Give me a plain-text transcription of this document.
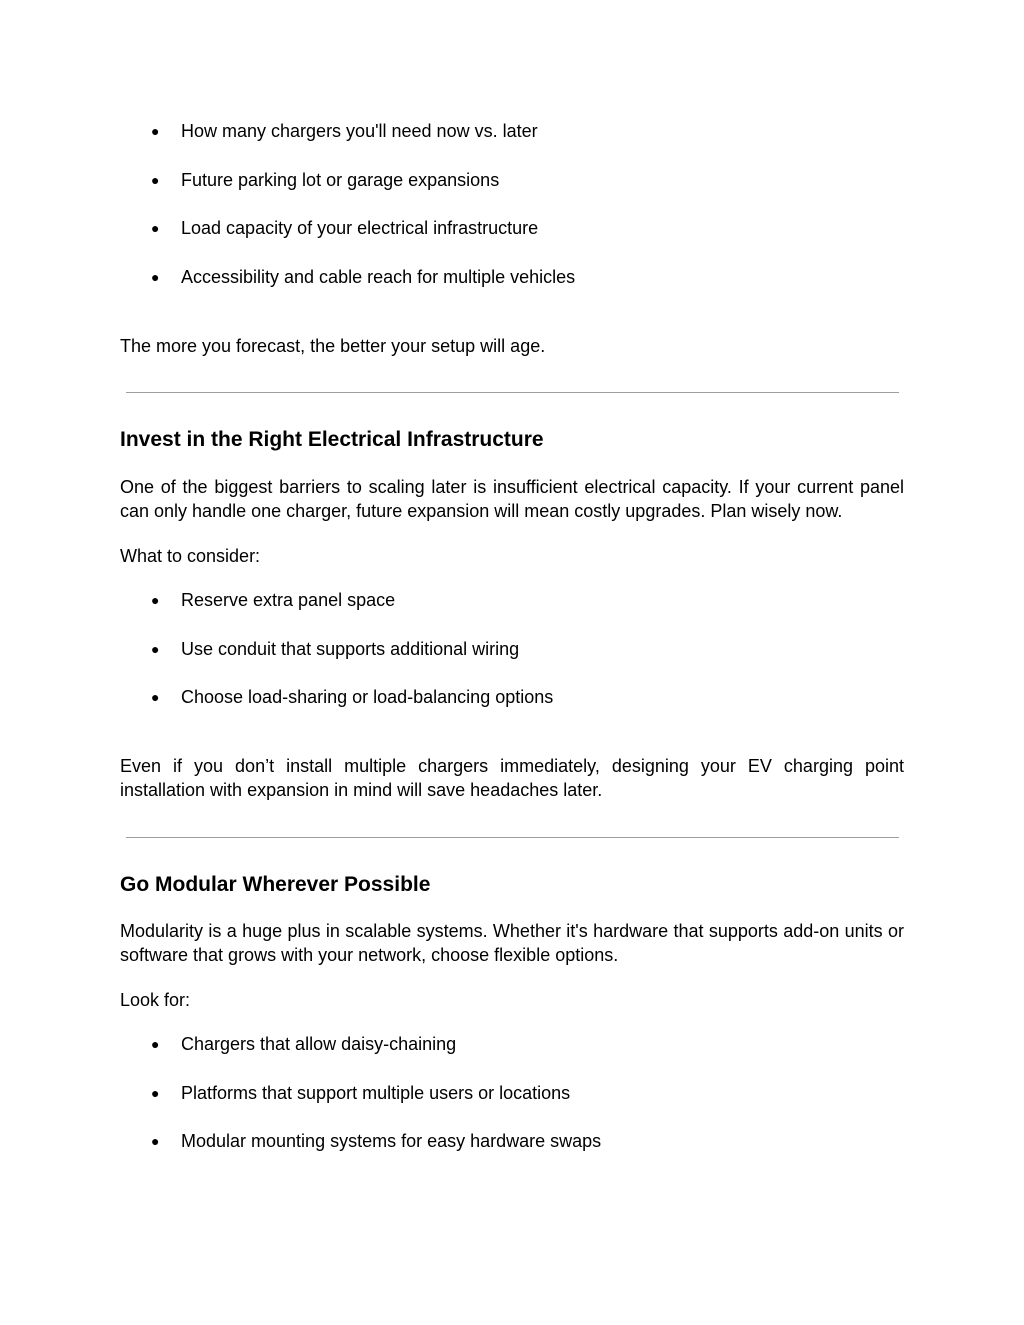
● How many chargers you'll need now vs. later
● Future parking lot or garage expansions
● Load capacity of your electrical infrastructure
● Accessibility and cable reach for multiple vehicles

The more you forecast, the better your setup will age.

Invest in the Right Electrical Infrastructure

One of the biggest barriers to scaling later is insufficient electrical capacity. If your current panel can only handle one charger, future expansion will mean costly upgrades. Plan wisely now.

What to consider:

● Reserve extra panel space
● Use conduit that supports additional wiring
● Choose load-sharing or load-balancing options

Even if you don’t install multiple chargers immediately, designing your EV charging point installation with expansion in mind will save headaches later.

Go Modular Wherever Possible

Modularity is a huge plus in scalable systems. Whether it's hardware that supports add-on units or software that grows with your network, choose flexible options.

Look for:

● Chargers that allow daisy-chaining
● Platforms that support multiple users or locations
● Modular mounting systems for easy hardware swaps
